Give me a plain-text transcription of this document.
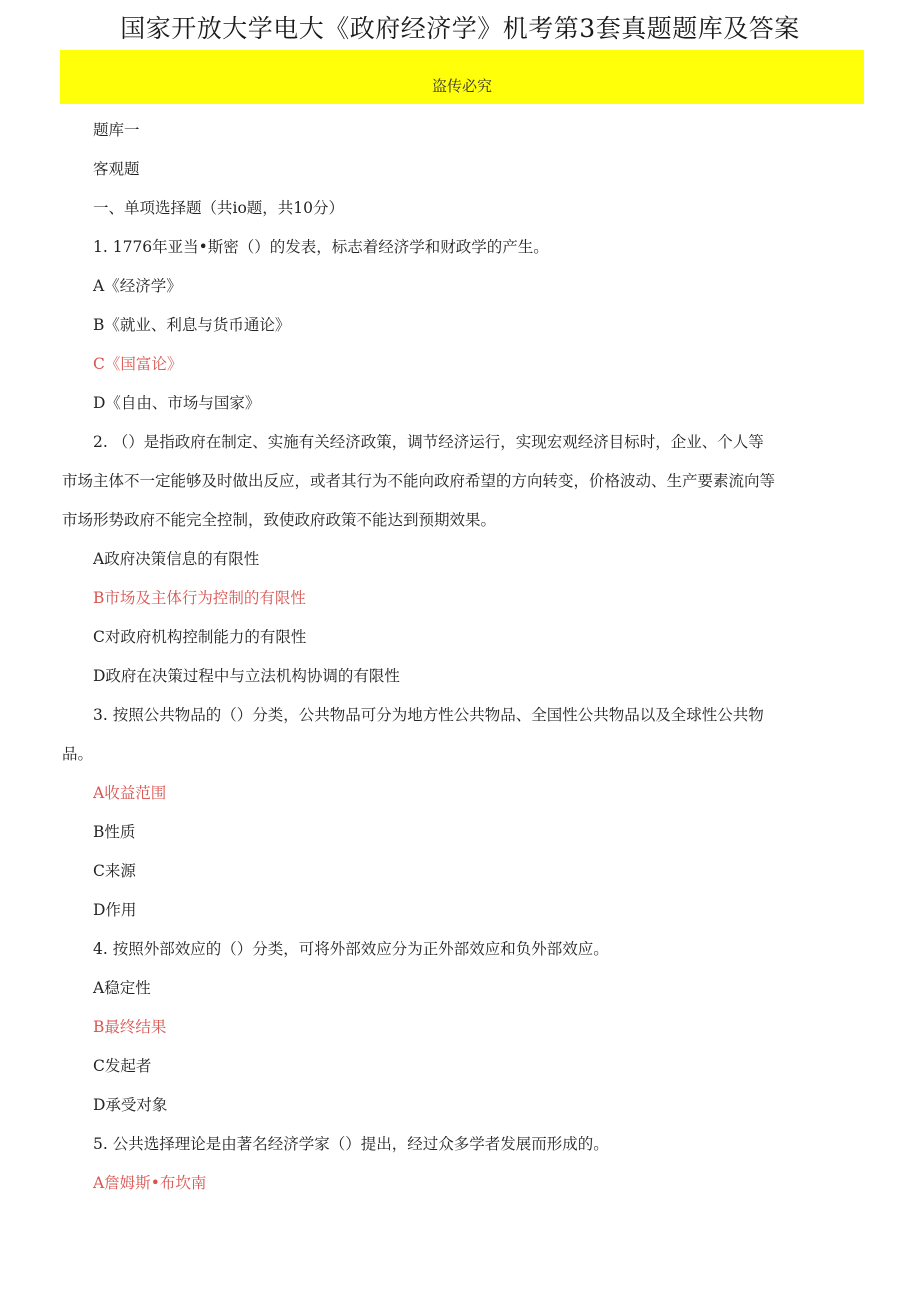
国家开放大学电大《政府经济学》机考第3套真题题库及答案
盗传必究
题库一
客观题
一、单项选择题（共io题，共10分）
1. 1776年亚当•斯密（）的发表，标志着经济学和财政学的产生。
A《经济学》
B《就业、利息与货币通论》
C《国富论》
D《自由、市场与国家》
2. （）是指政府在制定、实施有关经济政策，调节经济运行，实现宏观经济目标时，企业、个人等
市场主体不一定能够及时做出反应，或者其行为不能向政府希望的方向转变，价格波动、生产要素流向等
市场形势政府不能完全控制，致使政府政策不能达到预期效果。
A政府决策信息的有限性
B市场及主体行为控制的有限性
C对政府机构控制能力的有限性
D政府在决策过程中与立法机构协调的有限性
3. 按照公共物品的（）分类，公共物品可分为地方性公共物品、全国性公共物品以及全球性公共物
品。
A收益范围
B性质
C来源
D作用
4. 按照外部效应的（）分类，可将外部效应分为正外部效应和负外部效应。
A稳定性
B最终结果
C发起者
D承受对象
5. 公共选择理论是由著名经济学家（）提出，经过众多学者发展而形成的。
A詹姆斯•布坎南
